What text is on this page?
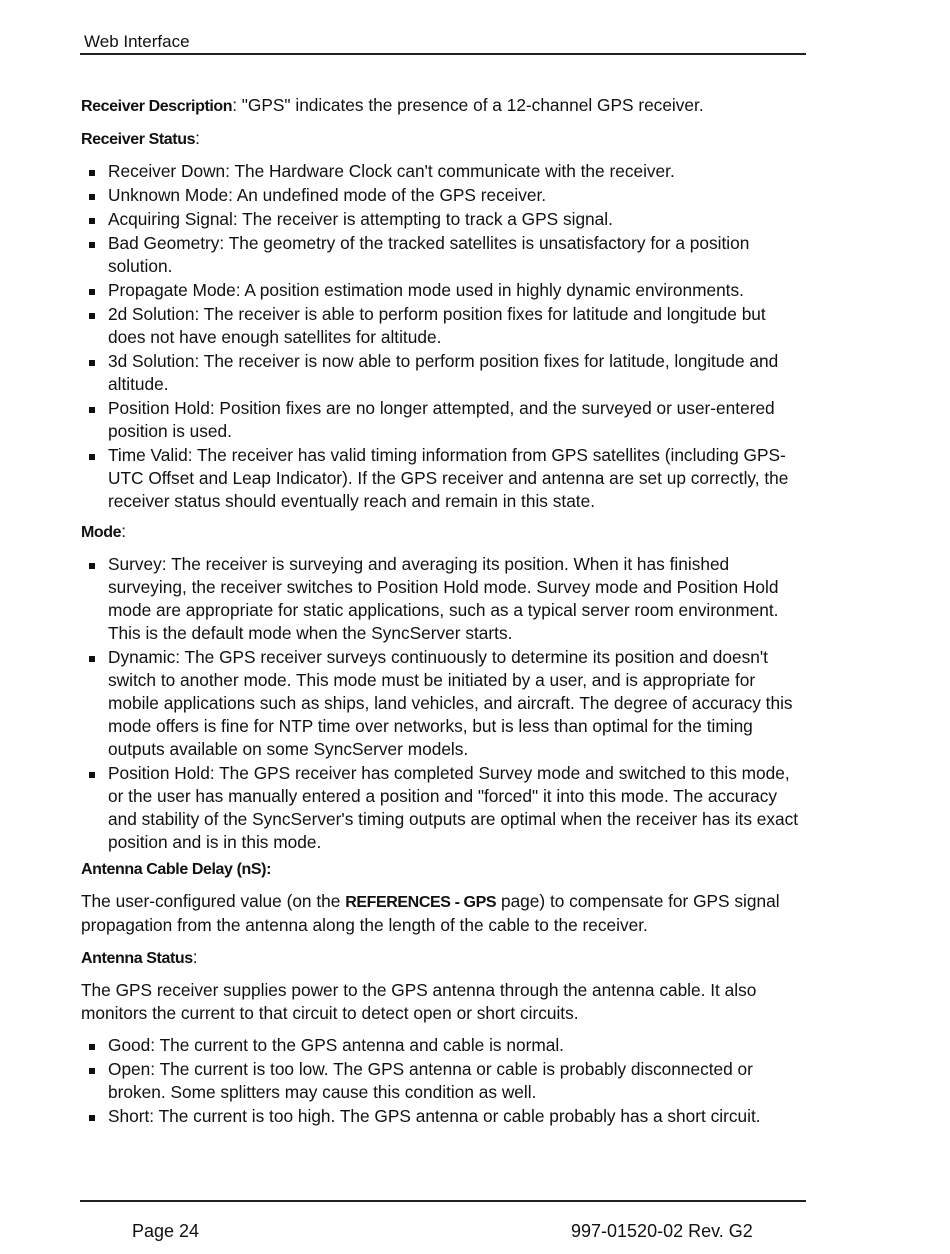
Web Interface

Receiver Description: "GPS" indicates the presence of a 12-channel GPS receiver.

Receiver Status:

Receiver Down: The Hardware Clock can't communicate with the receiver.
Unknown Mode: An undefined mode of the GPS receiver.
Acquiring Signal: The receiver is attempting to track a GPS signal.
Bad Geometry: The geometry of the tracked satellites is unsatisfactory for a position solution.
Propagate Mode: A position estimation mode used in highly dynamic environments.
2d Solution: The receiver is able to perform position fixes for latitude and longitude but does not have enough satellites for altitude.
3d Solution: The receiver is now able to perform position fixes for latitude, longitude and altitude.
Position Hold: Position fixes are no longer attempted, and the surveyed or user-entered position is used.
Time Valid: The receiver has valid timing information from GPS satellites (including GPS-UTC Offset and Leap Indicator). If the GPS receiver and antenna are set up correctly, the receiver status should eventually reach and remain in this state.

Mode:

Survey: The receiver is surveying and averaging its position. When it has finished surveying, the receiver switches to Position Hold mode. Survey mode and Position Hold mode are appropriate for static applications, such as a typical server room environment. This is the default mode when the SyncServer starts.
Dynamic: The GPS receiver surveys continuously to determine its position and doesn't switch to another mode. This mode must be initiated by a user, and is appropriate for mobile applications such as ships, land vehicles, and aircraft. The degree of accuracy this mode offers is fine for NTP time over networks, but is less than optimal for the timing outputs available on some SyncServer models.
Position Hold: The GPS receiver has completed Survey mode and switched to this mode, or the user has manually entered a position and "forced" it into this mode. The accuracy and stability of the SyncServer's timing outputs are optimal when the receiver has its exact position and is in this mode.

Antenna Cable Delay (nS):

The user-configured value (on the REFERENCES - GPS page) to compensate for GPS signal propagation from the antenna along the length of the cable to the receiver.

Antenna Status:

The GPS receiver supplies power to the GPS antenna through the antenna cable. It also monitors the current to that circuit to detect open or short circuits.

Good: The current to the GPS antenna and cable is normal.
Open: The current is too low. The GPS antenna or cable is probably disconnected or broken. Some splitters may cause this condition as well.
Short: The current is too high. The GPS antenna or cable probably has a short circuit.
Page 24	997-01520-02 Rev. G2
